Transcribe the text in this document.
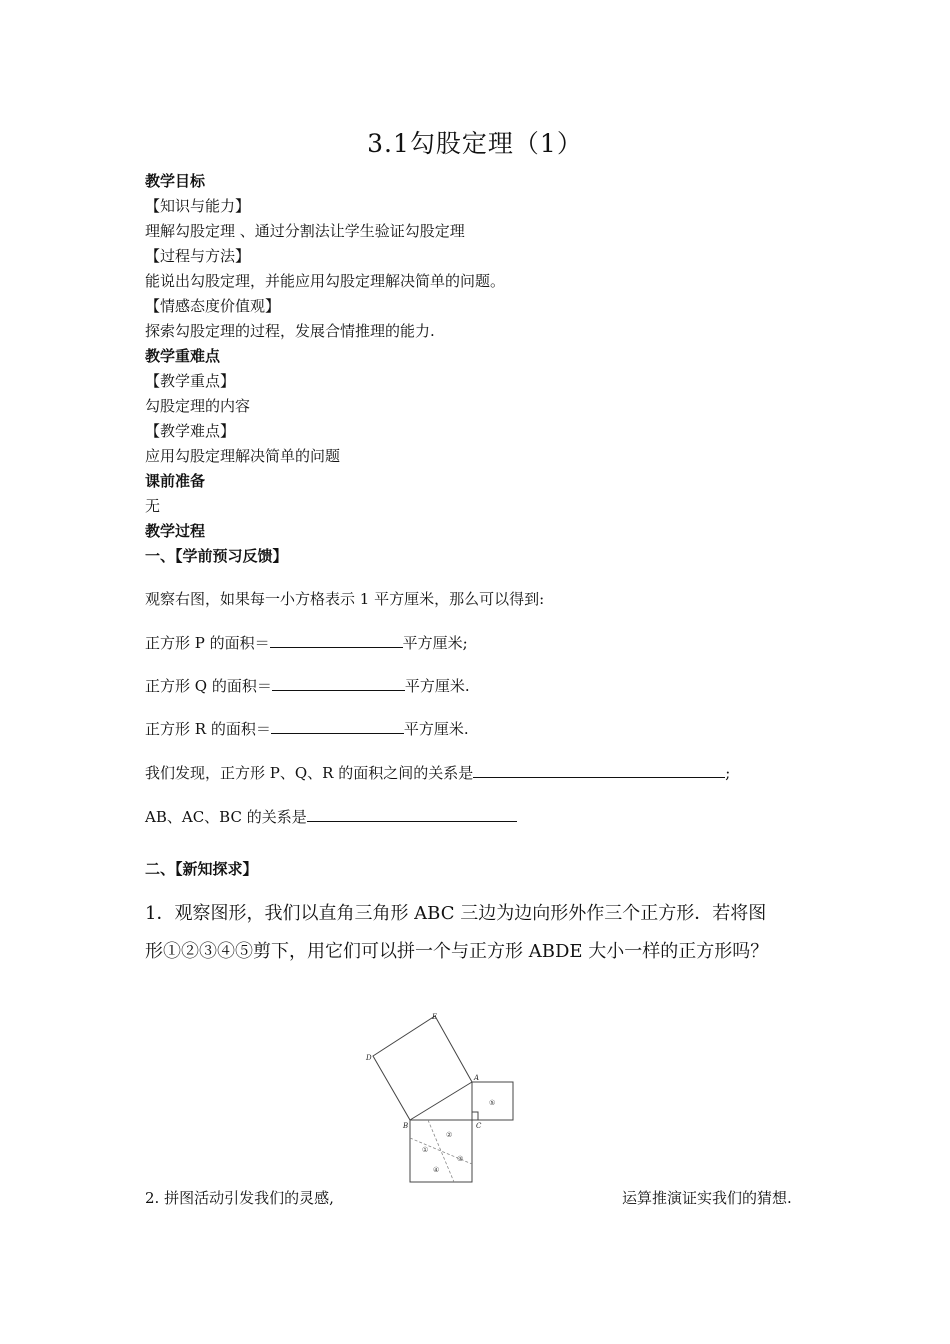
3.1勾股定理（1）
教学目标
【知识与能力】
理解勾股定理 、通过分割法让学生验证勾股定理
【过程与方法】
能说出勾股定理，并能应用勾股定理解决简单的问题。
【情感态度价值观】
探索勾股定理的过程，发展合情推理的能力.
教学重难点
【教学重点】
勾股定理的内容
【教学难点】
应用勾股定理解决简单的问题
课前准备
无
教学过程
一、【学前预习反馈】
观察右图，如果每一小方格表示 1 平方厘米，那么可以得到:
正方形 P 的面积＝	平方厘米;
正方形 Q 的面积＝	平方厘米.
正方形 R 的面积＝	平方厘米.
我们发现，正方形 P、Q、R 的面积之间的关系是	;
AB、AC、BC 的关系是
二、【新知探求】
1．观察图形，我们以直角三角形 ABC 三边为边向形外作三个正方形．若将图
形①②③④⑤剪下，用它们可以拼一个与正方形 ABDE 大小一样的正方形吗？
A
B	C
D
E
①
②
③
④
⑤
2. 拼图活动引发我们的灵感,	运算推演证实我们的猜想.
